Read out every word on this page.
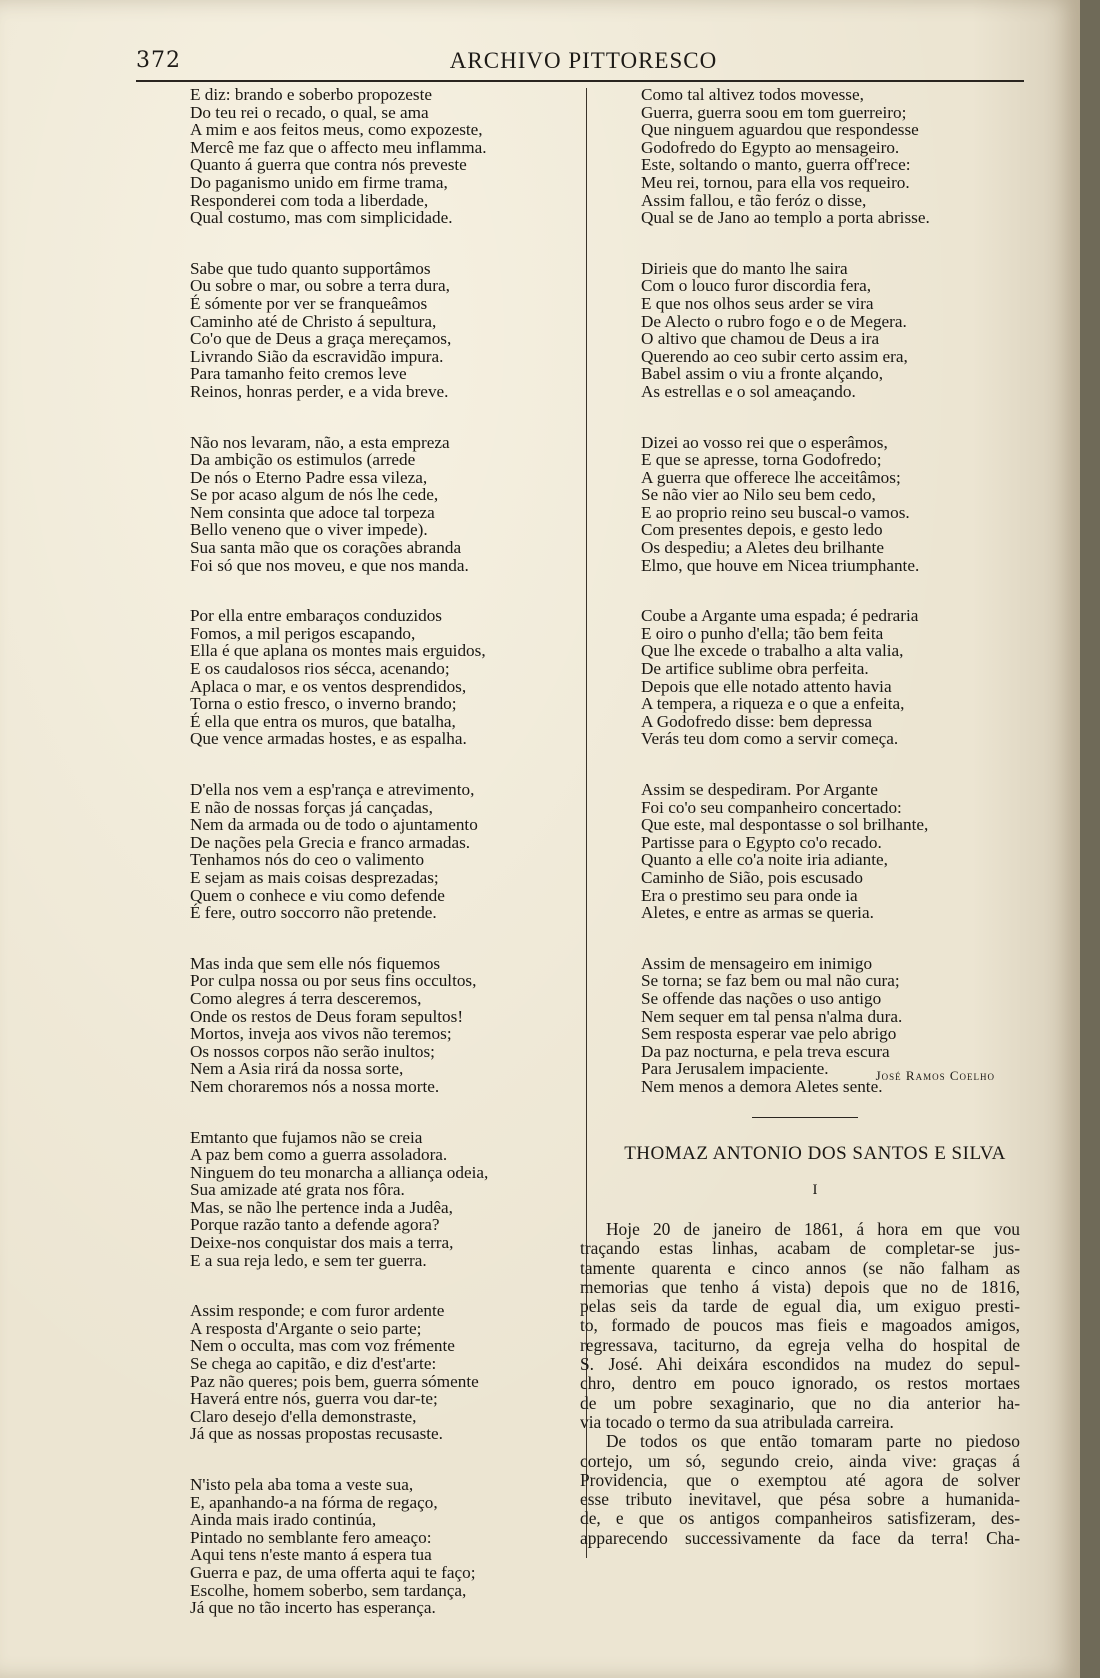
372	ARCHIVO PITTORESCO
E diz: brando e soberbo propozeste
Do teu rei o recado, o qual, se ama
A mim e aos feitos meus, como expozeste,
Mercê me faz que o affecto meu inflamma.
Quanto á guerra que contra nós preveste
Do paganismo unido em firme trama,
Responderei com toda a liberdade,
Qual costumo, mas com simplicidade.
Sabe que tudo quanto supportâmos
Ou sobre o mar, ou sobre a terra dura,
É sómente por ver se franqueâmos
Caminho até de Christo á sepultura,
Co'o que de Deus a graça mereçamos,
Livrando Sião da escravidão impura.
Para tamanho feito cremos leve
Reinos, honras perder, e a vida breve.
Não nos levaram, não, a esta empreza
Da ambição os estimulos (arrede
De nós o Eterno Padre essa vileza,
Se por acaso algum de nós lhe cede,
Nem consinta que adoce tal torpeza
Bello veneno que o viver impede).
Sua santa mão que os corações abranda
Foi só que nos moveu, e que nos manda.
Por ella entre embaraços conduzidos
Fomos, a mil perigos escapando,
Ella é que aplana os montes mais erguidos,
E os caudalosos rios sécca, acenando;
Aplaca o mar, e os ventos desprendidos,
Torna o estio fresco, o inverno brando;
É ella que entra os muros, que batalha,
Que vence armadas hostes, e as espalha.
D'ella nos vem a esp'rança e atrevimento,
E não de nossas forças já cançadas,
Nem da armada ou de todo o ajuntamento
De nações pela Grecia e franco armadas.
Tenhamos nós do ceo o valimento
E sejam as mais coisas desprezadas;
Quem o conhece e viu como defende
É fere, outro soccorro não pretende.
Mas inda que sem elle nós fiquemos
Por culpa nossa ou por seus fins occultos,
Como alegres á terra desceremos,
Onde os restos de Deus foram sepultos!
Mortos, inveja aos vivos não teremos;
Os nossos corpos não serão inultos;
Nem a Asia rirá da nossa sorte,
Nem choraremos nós a nossa morte.
Emtanto que fujamos não se creia
A paz bem como a guerra assoladora.
Ninguem do teu monarcha a alliança odeia,
Sua amizade até grata nos fôra.
Mas, se não lhe pertence inda a Judêa,
Porque razão tanto a defende agora?
Deixe-nos conquistar dos mais a terra,
E a sua reja ledo, e sem ter guerra.
Assim responde; e com furor ardente
A resposta d'Argante o seio parte;
Nem o occulta, mas com voz frémente
Se chega ao capitão, e diz d'est'arte:
Paz não queres; pois bem, guerra sómente
Haverá entre nós, guerra vou dar-te;
Claro desejo d'ella demonstraste,
Já que as nossas propostas recusaste.
N'isto pela aba toma a veste sua,
E, apanhando-a na fórma de regaço,
Ainda mais irado continúa,
Pintado no semblante fero ameaço:
Aqui tens n'este manto á espera tua
Guerra e paz, de uma offerta aqui te faço;
Escolhe, homem soberbo, sem tardança,
Já que no tão incerto has esperança.
Como tal altivez todos movesse,
Guerra, guerra soou em tom guerreiro;
Que ninguem aguardou que respondesse
Godofredo do Egypto ao mensageiro.
Este, soltando o manto, guerra off'rece:
Meu rei, tornou, para ella vos requeiro.
Assim fallou, e tão feróz o disse,
Qual se de Jano ao templo a porta abrisse.
Dirieis que do manto lhe saira
Com o louco furor discordia fera,
E que nos olhos seus arder se vira
De Alecto o rubro fogo e o de Megera.
O altivo que chamou de Deus a ira
Querendo ao ceo subir certo assim era,
Babel assim o viu a fronte alçando,
As estrellas e o sol ameaçando.
Dizei ao vosso rei que o esperâmos,
E que se apresse, torna Godofredo;
A guerra que offerece lhe acceitâmos;
Se não vier ao Nilo seu bem cedo,
E ao proprio reino seu buscal-o vamos.
Com presentes depois, e gesto ledo
Os despediu; a Aletes deu brilhante
Elmo, que houve em Nicea triumphante.
Coube a Argante uma espada; é pedraria
E oiro o punho d'ella; tão bem feita
Que lhe excede o trabalho a alta valia,
De artifice sublime obra perfeita.
Depois que elle notado attento havia
A tempera, a riqueza e o que a enfeita,
A Godofredo disse: bem depressa
Verás teu dom como a servir começa.
Assim se despediram. Por Argante
Foi co'o seu companheiro concertado:
Que este, mal despontasse o sol brilhante,
Partisse para o Egypto co'o recado.
Quanto a elle co'a noite iria adiante,
Caminho de Sião, pois escusado
Era o prestimo seu para onde ia
Aletes, e entre as armas se queria.
Assim de mensageiro em inimigo
Se torna; se faz bem ou mal não cura;
Se offende das nações o uso antigo
Nem sequer em tal pensa n'alma dura.
Sem resposta esperar vae pelo abrigo
Da paz nocturna, e pela treva escura
Para Jerusalem impaciente.
Nem menos a demora Aletes sente.
José Ramos Coelho
THOMAZ ANTONIO DOS SANTOS E SILVA
I
Hoje 20 de janeiro de 1861, á hora em que vou
traçando estas linhas, acabam de completar-se jus-
tamente quarenta e cinco annos (se não falham as
memorias que tenho á vista) depois que no de 1816,
pelas seis da tarde de egual dia, um exiguo presti-
to, formado de poucos mas fieis e magoados amigos,
regressava, taciturno, da egreja velha do hospital de
S. José. Ahi deixára escondidos na mudez do sepul-
chro, dentro em pouco ignorado, os restos mortaes
de um pobre sexaginario, que no dia anterior ha-
via tocado o termo da sua atribulada carreira.
De todos os que então tomaram parte no piedoso
cortejo, um só, segundo creio, ainda vive: graças á
Providencia, que o exemptou até agora de solver
esse tributo inevitavel, que pésa sobre a humanida-
de, e que os antigos companheiros satisfizeram, des-
apparecendo successivamente da face da terra! Cha-
